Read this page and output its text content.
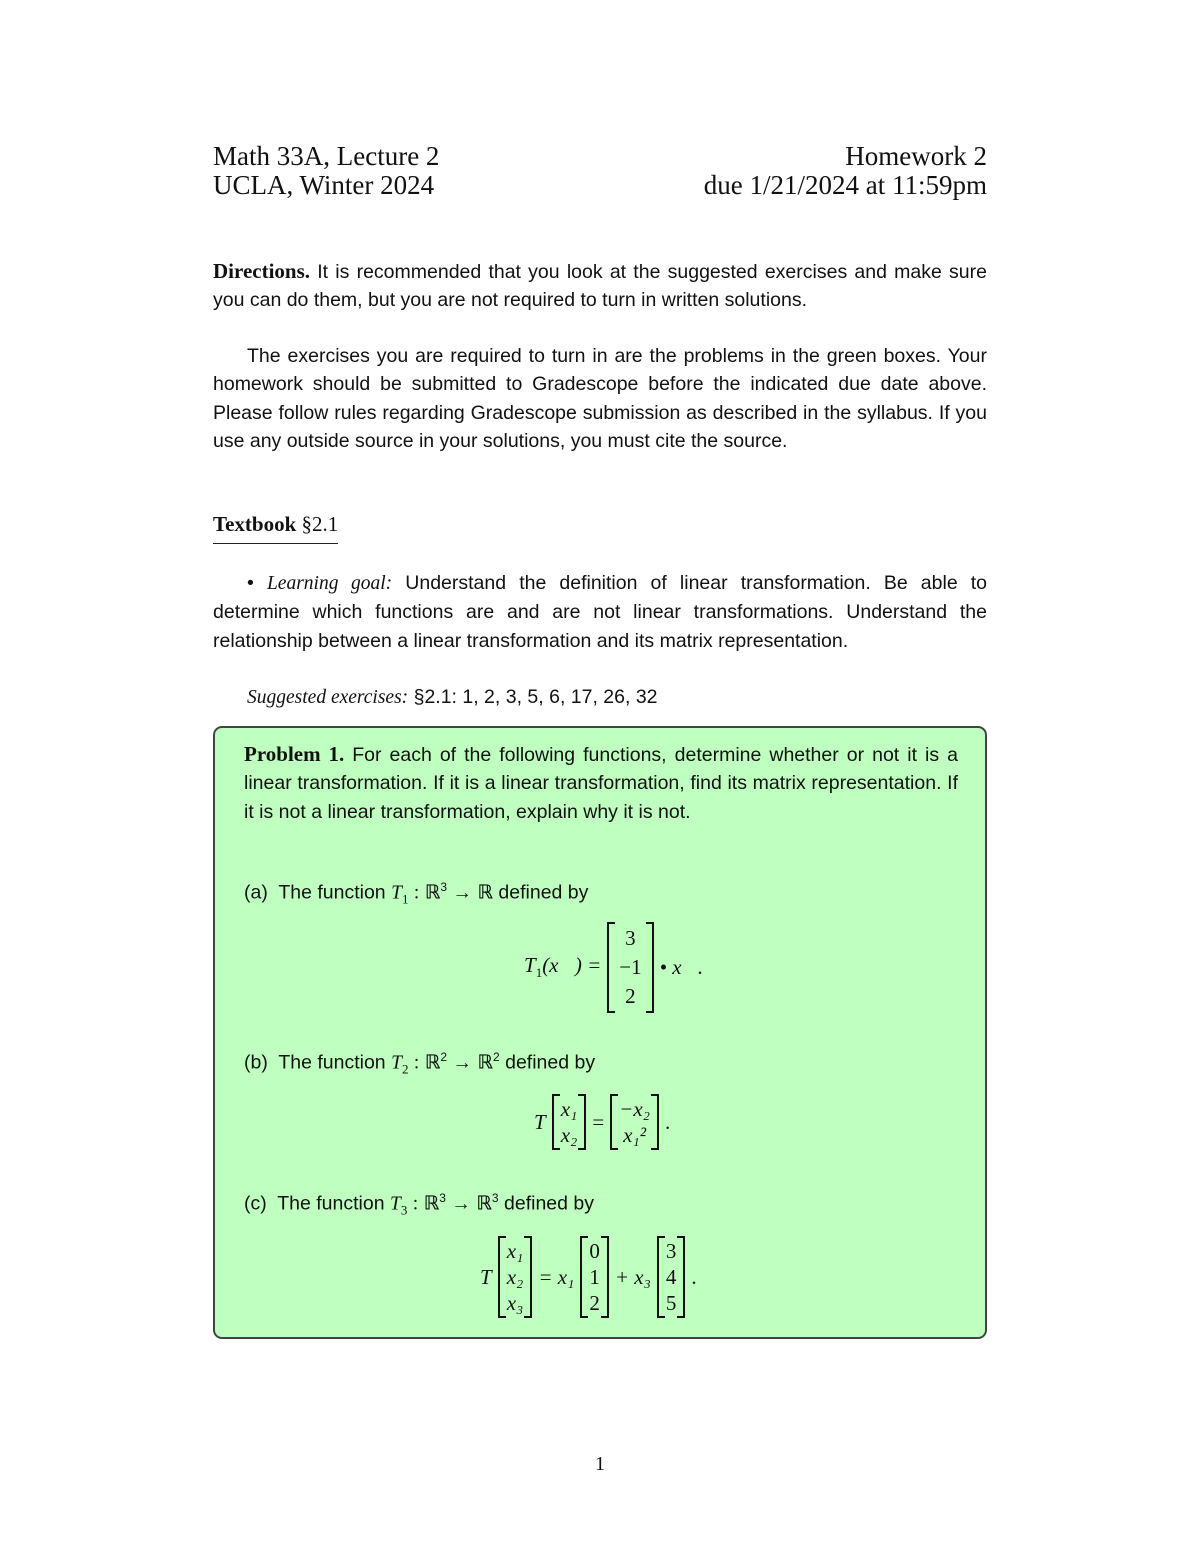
Math 33A, Lecture 2
UCLA, Winter 2024
Homework 2
due 1/21/2024 at 11:59pm
Directions. It is recommended that you look at the suggested exercises and make sure you can do them, but you are not required to turn in written solutions.
The exercises you are required to turn in are the problems in the green boxes. Your homework should be submitted to Gradescope before the indicated due date above. Please follow rules regarding Gradescope submission as described in the syllabus. If you use any outside source in your solutions, you must cite the source.
Textbook §2.1
• Learning goal: Understand the definition of linear transformation. Be able to determine which functions are and are not linear transformations. Understand the relationship between a linear transformation and its matrix representation.
Suggested exercises: §2.1: 1, 2, 3, 5, 6, 17, 26, 32
Problem 1. For each of the following functions, determine whether or not it is a linear transformation. If it is a linear transformation, find its matrix representation. If it is not a linear transformation, explain why it is not.
(a) The function $T_1$ : ℝ$^3$ → ℝ defined by
$T_1(x⃗)$ =
3
−1
2
• x⃗.
(b) The function $T_2$ : ℝ$^2$ → ℝ$^2$ defined by
T
x₁
x₂
=
−x₂
x₁²
.
(c) The function $T_3$ : ℝ$^3$ → ℝ$^3$ defined by
T
x₁
x₂
x₃
= x₁
0
1
2
+ x₃
3
4
5
.
1
